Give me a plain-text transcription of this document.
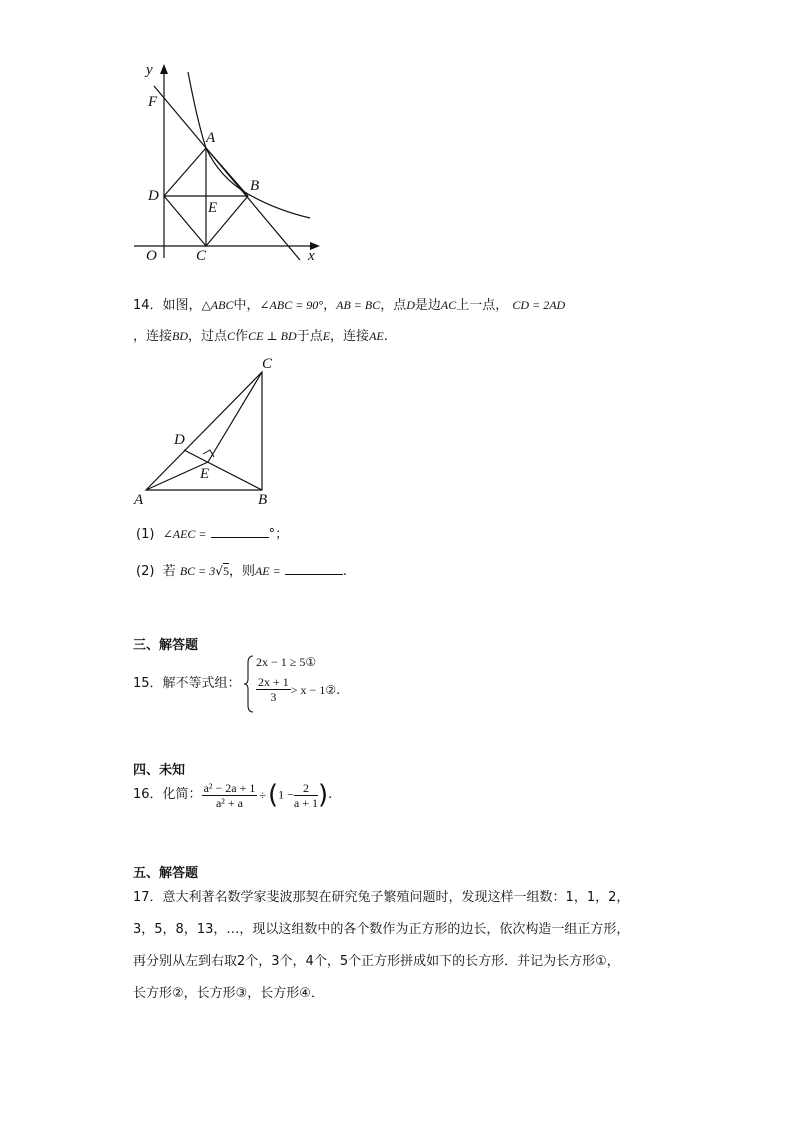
y
F
A
B
D
E
O	C	x
14．如图，△ABC中，∠ABC = 90°，AB = BC，点D是边AC上一点， CD = 2AD
，连接BD，过点C作CE ⊥ BD于点E，连接AE.
C
D
E
A	B
(1) ∠AEC =	°；
(2) 若 BC = 3√5，则AE =	.
三、解答题
15．解不等式组：
2x − 1 ≥ 5①
$\frac{2x + 1}{3} > x$ − 1②.
四、未知
16．化简： $\frac{\text{a² − 2a + 1}}{\text{a² + a}} \div(1 - \frac{2}{a + 1}$ ).
五、解答题
17．意大利著名数学家斐波那契在研究兔子繁殖问题时，发现这样一组数：1，1，2，
3，5，8，13，…，现以这组数中的各个数作为正方形的边长，依次构造一组正方形，
再分别从左到右取2个，3个，4个，5个正方形拼成如下的长方形．并记为长方形①，
长方形②，长方形③，长方形④．
